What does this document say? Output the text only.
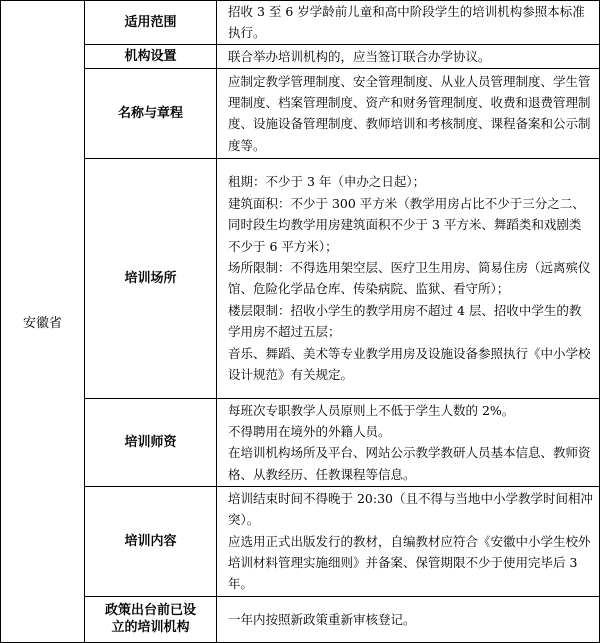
安徽省	适用范围	招收 3 至 6 岁学龄前儿童和高中阶段学生的培训机构参照本标准执行。

	机构设置	联合举办培训机构的，应当签订联合办学协议。

	名称与章程	应制定教学管理制度、安全管理制度、从业人员管理制度、学生管理制度、档案管理制度、资产和财务管理制度、收费和退费管理制度、设施设备管理制度、教师培训和考核制度、课程备案和公示制度等。

	培训场所	租期：不少于 3 年（申办之日起）；

建筑面积：不少于 300 平方米（教学用房占比不少于三分之二、同时段生均教学用房建筑面积不少于 3 平方米、舞蹈类和戏剧类不少于 6 平方米）；

场所限制：不得选用架空层、医疗卫生用房、简易住房（远离殡仪馆、危险化学品仓库、传染病院、监狱、看守所）；

楼层限制：招收小学生的教学用房不超过 4 层、招收中学生的教学用房不超过五层；

音乐、舞蹈、美术等专业教学用房及设施设备参照执行《中小学校设计规范》有关规定。

	培训师资	每班次专职教学人员原则上不低于学生人数的 2%。

不得聘用在境外的外籍人员。

在培训机构场所及平台、网站公示教学教研人员基本信息、教师资格、从教经历、任教课程等信息。

	培训内容	培训结束时间不得晚于 20:30（且不得与当地中小学教学时间相冲突）。

应选用正式出版发行的教材，自编教材应符合《安徽中小学生校外培训材料管理实施细则》并备案、保管期限不少于使用完毕后 3 年。

	政策出台前已设
立的培训机构	一年内按照新政策重新审核登记。
